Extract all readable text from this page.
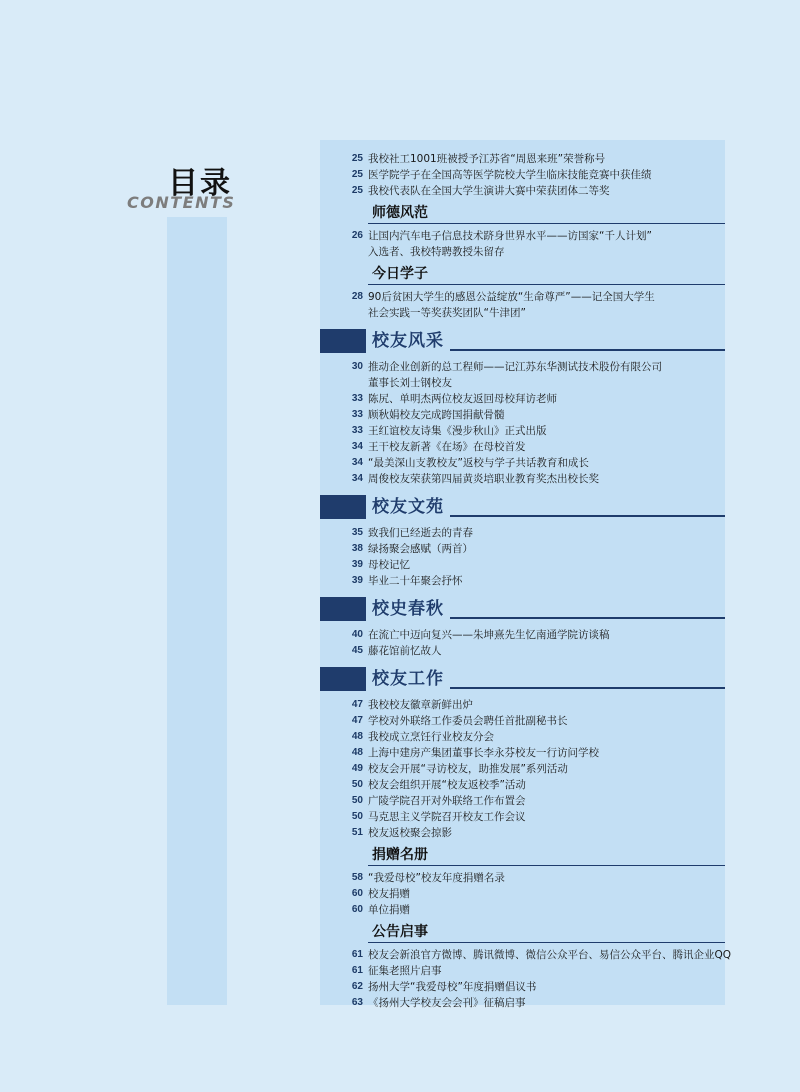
目录
CONTENTS
25 我校社工1001班被授予江苏省“周恩来班”荣誉称号
25 医学院学子在全国高等医学院校大学生临床技能竞赛中获佳绩
25 我校代表队在全国大学生演讲大赛中荣获团体二等奖
师德风范
26 让国内汽车电子信息技术跻身世界水平——访国家“千人计划”
入选者、我校特聘教授朱留存
今日学子
28 90后贫困大学生的感恩公益绽放“生命尊严”——记全国大学生
社会实践一等奖获奖团队“牛津团”
校友风采
30 推动企业创新的总工程师——记江苏东华测试技术股份有限公司
董事长刘士钢校友
33 陈尻、单明杰两位校友返回母校拜访老师
33 顾秋娟校友完成跨国捐献骨髓
33 王红谊校友诗集《漫步秋山》正式出版
34 王干校友新著《在场》在母校首发
34 “最美深山支教校友”返校与学子共话教育和成长
34 周俊校友荣获第四届黄炎培职业教育奖杰出校长奖
校友文苑
35 致我们已经逝去的青春
38 绿扬聚会感赋（两首）
39 母校记忆
39 毕业二十年聚会抒怀
校史春秋
40 在流亡中迈向复兴——朱坤熹先生忆南通学院访谈稿
45 藤花馆前忆故人
校友工作
47 我校校友徽章新鲜出炉
47 学校对外联络工作委员会聘任首批副秘书长
48 我校成立烹饪行业校友分会
48 上海中建房产集团董事长李永芬校友一行访问学校
49 校友会开展“寻访校友，助推发展”系列活动
50 校友会组织开展“校友返校季”活动
50 广陵学院召开对外联络工作布置会
50 马克思主义学院召开校友工作会议
51 校友返校聚会掠影
捐赠名册
58 “我爱母校”校友年度捐赠名录
60 校友捐赠
60 单位捐赠
公告启事
61 校友会新浪官方微博、腾讯微博、微信公众平台、易信公众平台、腾讯企业QQ
61 征集老照片启事
62 扬州大学“我爱母校”年度捐赠倡议书
63 《扬州大学校友会会刊》征稿启事
